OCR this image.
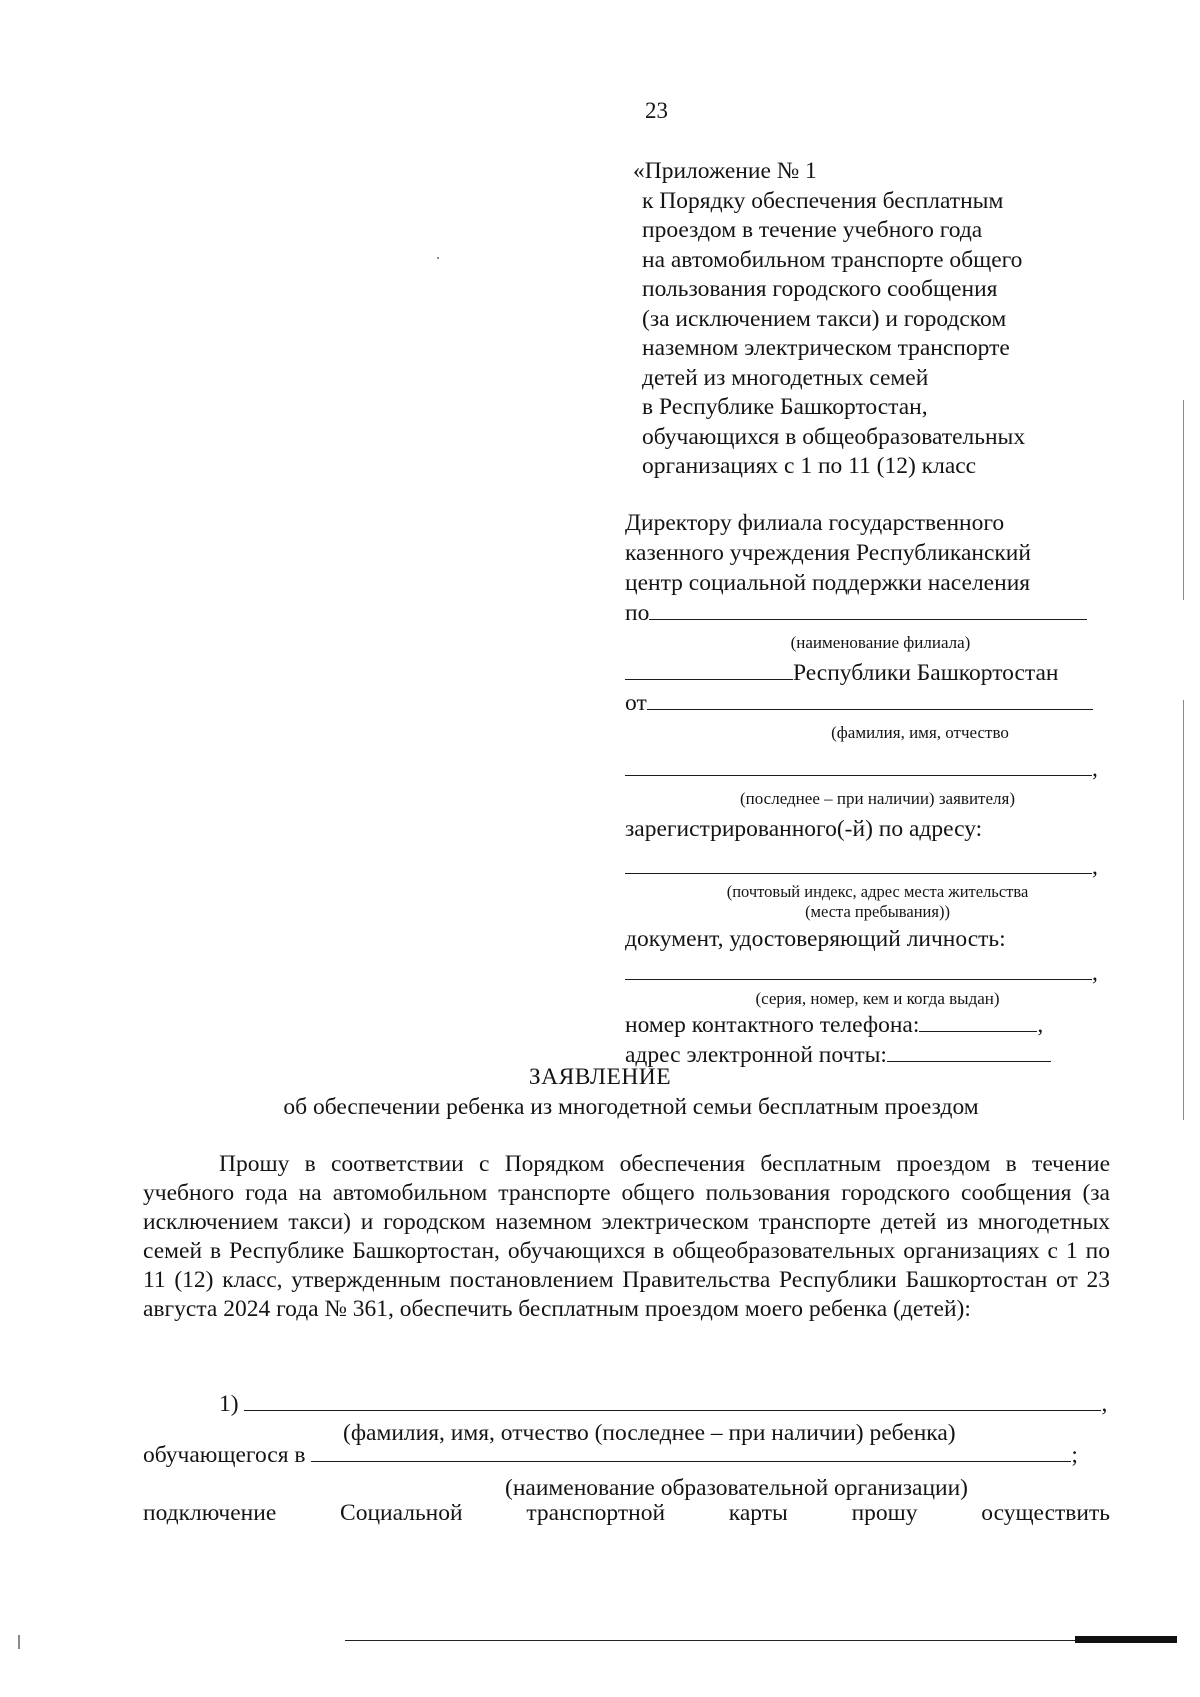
23
«Приложение № 1
к Порядку обеспечения бесплатным
проездом в течение учебного года
на автомобильном транспорте общего
пользования городского сообщения
(за исключением такси) и городском
наземном электрическом транспорте
детей из многодетных семей
в Республике Башкортостан,
обучающихся в общеобразовательных
организациях с 1 по 11 (12) класс
Директору филиала государственного
казенного учреждения Республиканский
центр социальной поддержки населения
по
(наименование филиала)
Республики Башкортостан
от
(фамилия, имя, отчество
,
(последнее – при наличии) заявителя)
зарегистрированного(-й) по адресу:
,
(почтовый индекс, адрес места жительства
(места пребывания))
документ, удостоверяющий личность:
,
(серия, номер, кем и когда выдан)
номер контактного телефона:	,
адрес электронной почты:
ЗАЯВЛЕНИЕ
об обеспечении ребенка из многодетной семьи бесплатным проездом
Прошу в соответствии с Порядком обеспечения бесплатным проездом в течение учебного года на автомобильном транспорте общего пользования городского сообщения (за исключением такси) и городском наземном электрическом транспорте детей из многодетных семей в Республике Башкортостан, обучающихся в общеобразовательных организациях с 1 по 11 (12) класс, утвержденным постановлением Правительства Республики Башкортостан от 23 августа 2024 года № 361, обеспечить бесплатным проездом моего ребенка (детей):
1)	,
(фамилия, имя, отчество (последнее – при наличии) ребенка)
обучающегося в	;
(наименование образовательной организации)
подключение	Социальной	транспортной	карты	прошу	осуществить
